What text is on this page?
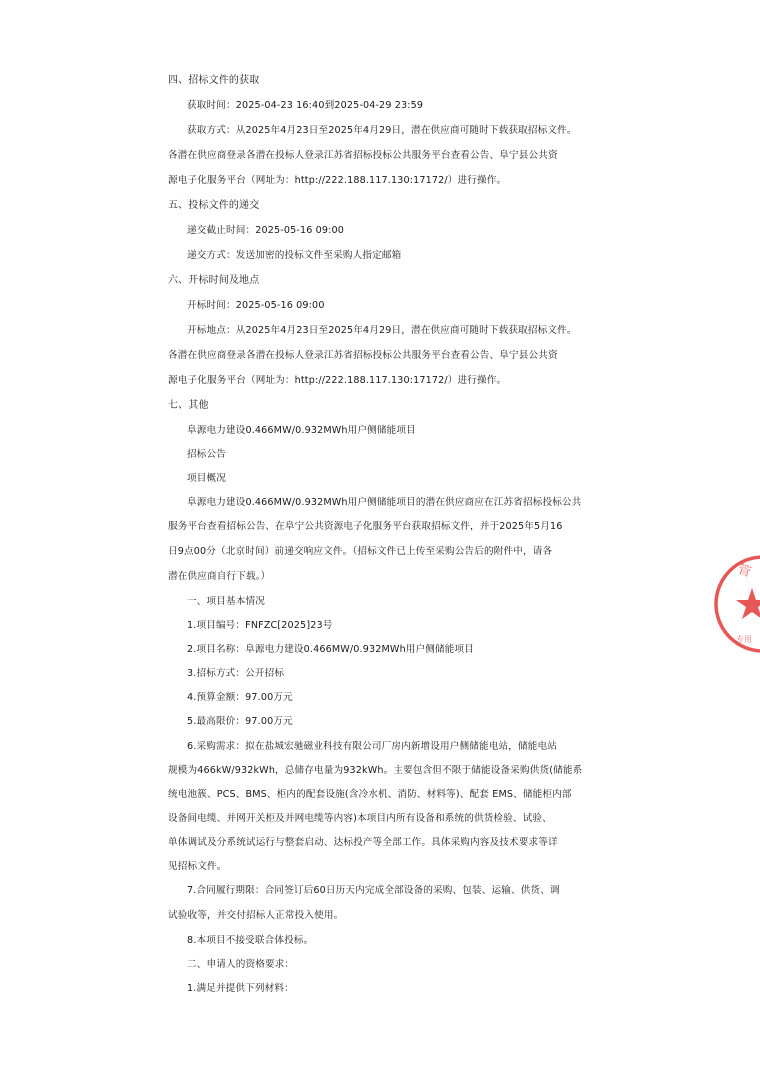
四、招标文件的获取
获取时间：2025-04-23 16:40到2025-04-29 23:59
获取方式：从2025年4月23日至2025年4月29日，潜在供应商可随时下载获取招标文件。
各潜在供应商登录各潜在投标人登录江苏省招标投标公共服务平台查看公告、阜宁县公共资
源电子化服务平台（网址为：http://222.188.117.130:17172/）进行操作。
五、投标文件的递交
递交截止时间：2025-05-16 09:00
递交方式：发送加密的投标文件至采购人指定邮箱
六、开标时间及地点
开标时间：2025-05-16 09:00
开标地点：从2025年4月23日至2025年4月29日，潜在供应商可随时下载获取招标文件。
各潜在供应商登录各潜在投标人登录江苏省招标投标公共服务平台查看公告、阜宁县公共资
源电子化服务平台（网址为：http://222.188.117.130:17172/）进行操作。
七、其他
阜源电力建设0.466MW/0.932MWh用户侧储能项目
招标公告
项目概况
阜源电力建设0.466MW/0.932MWh用户侧储能项目的潜在供应商应在江苏省招标投标公共
服务平台查看招标公告、在阜宁公共资源电子化服务平台获取招标文件，并于2025年5月16
日9点00分（北京时间）前递交响应文件。（招标文件已上传至采购公告后的附件中，请各
潜在供应商自行下载。）
一、项目基本情况
1.项目编号：FNFZC[2025]23号
2.项目名称：阜源电力建设0.466MW/0.932MWh用户侧储能项目
3.招标方式：公开招标
4.预算金额：97.00万元
5.最高限价：97.00万元
6.采购需求：拟在盐城宏驰磁业科技有限公司厂房内新增设用户侧储能电站，储能电站
规模为466kW/932kWh，总储存电量为932kWh。主要包含但不限于储能设备采购供货(储能系
统电池簇、PCS、BMS、柜内的配套设施(含冷水机、消防、材料等)、配套 EMS、储能柜内部
设备间电缆、并网开关柜及并网电缆等内容)本项目内所有设备和系统的供货检验、试验、
单体调试及分系统试运行与整套启动、达标投产等全部工作。具体采购内容及技术要求等详
见招标文件。
7.合同履行期限：合同签订后60日历天内完成全部设备的采购、包装、运输、供货、调
试验收等，并交付招标人正常投入使用。
8.本项目不接受联合体投标。
二、申请人的资格要求：
1.满足并提供下列材料：
管
专用
